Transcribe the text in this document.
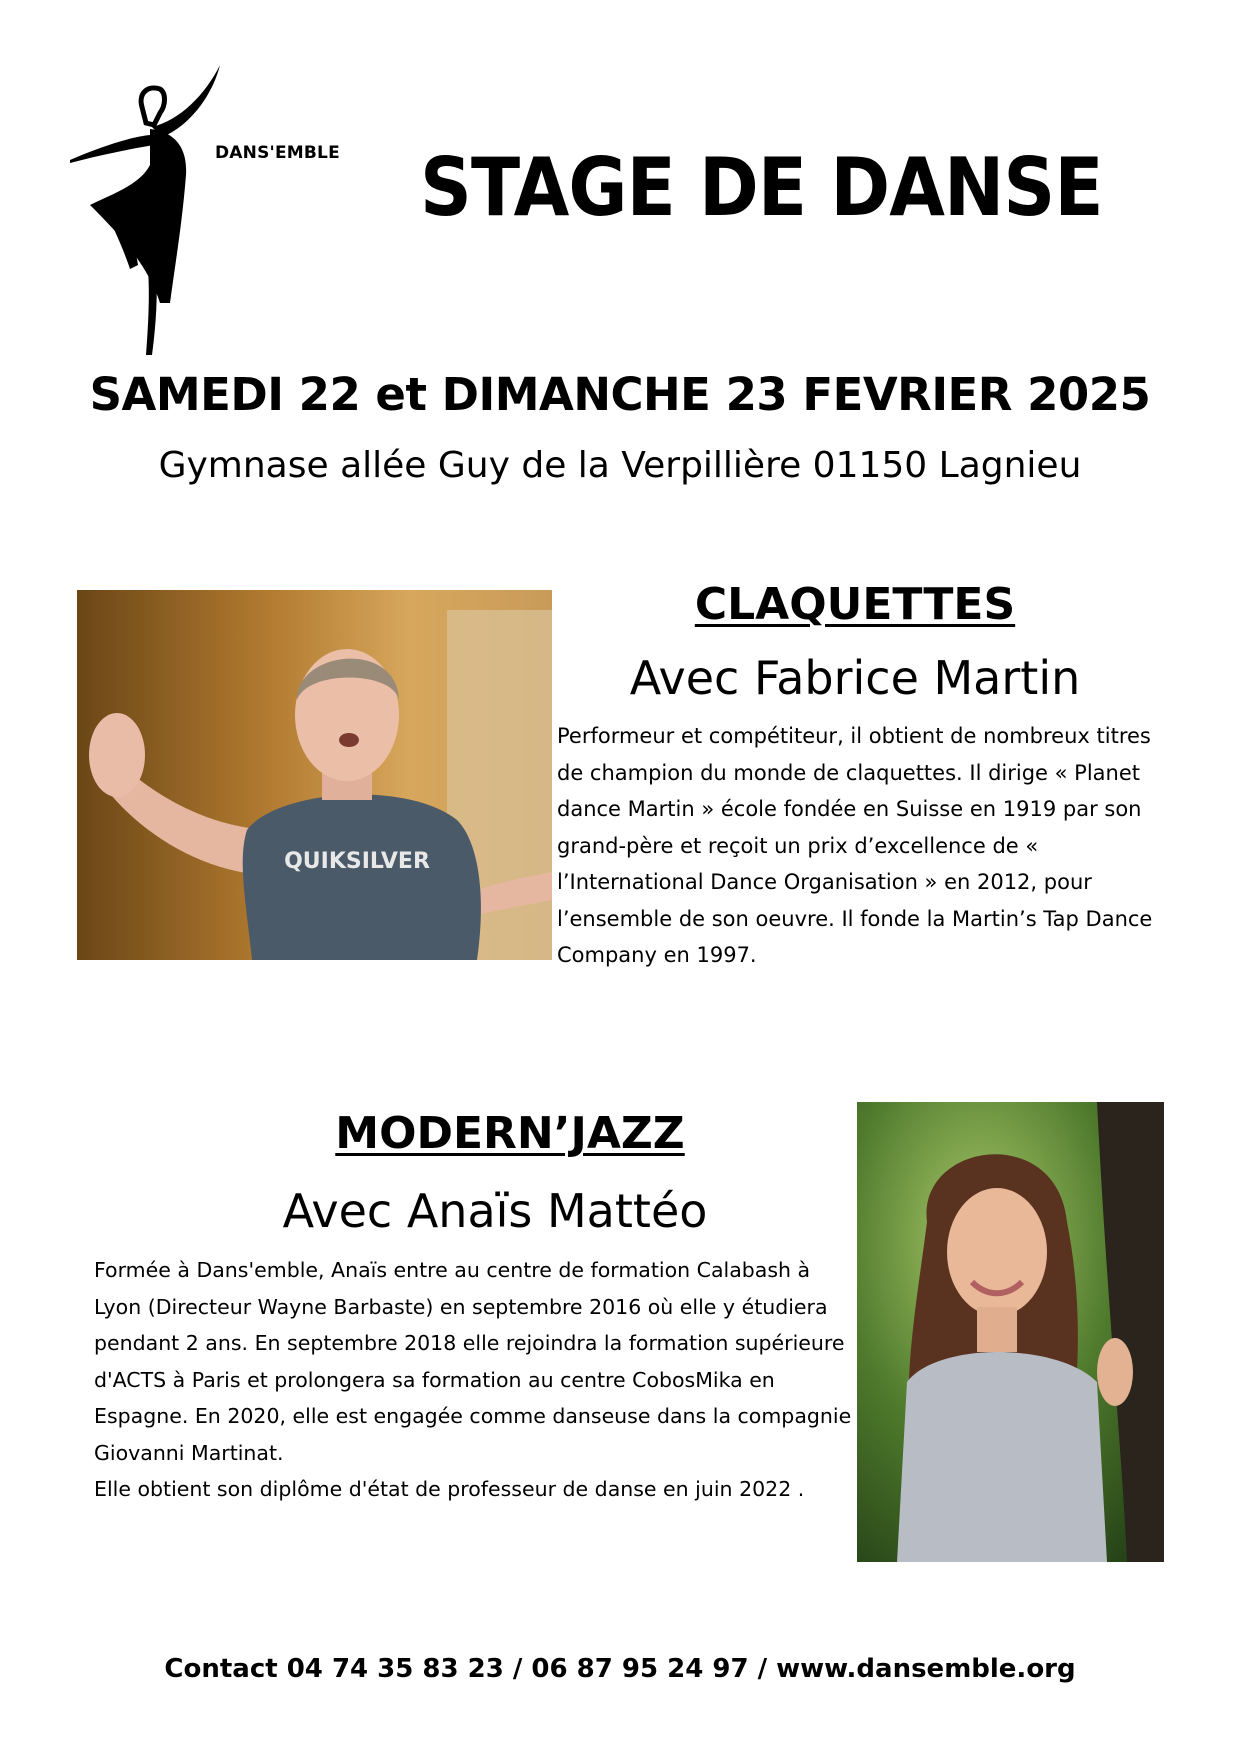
DANS'EMBLE STAGE DE DANSE
SAMEDI 22 et DIMANCHE 23 FEVRIER 2025
Gymnase allée Guy de la Verpillière 01150 Lagnieu
QUIKSILVER
CLAQUETTES
Avec Fabrice Martin
Performeur et compétiteur, il obtient de nombreux titres de champion du monde de claquettes. Il dirige « Planet dance Martin » école fondée en Suisse en 1919 par son grand-père et reçoit un prix d’excellence de « l’International Dance Organisation » en 2012, pour l’ensemble de son oeuvre. Il fonde la Martin’s Tap Dance Company en 1997.
MODERN’JAZZ
Avec Anaïs Mattéo

Formée à Dans'emble, Anaïs entre au centre de formation Calabash à Lyon (Directeur Wayne Barbaste) en septembre 2016 où elle y étudiera pendant 2 ans. En septembre 2018 elle rejoindra la formation supérieure d'ACTS à Paris et prolongera sa formation au centre CobosMika en Espagne. En 2020, elle est engagée comme danseuse dans la compagnie Giovanni Martinat.

Elle obtient son diplôme d'état de professeur de danse en juin 2022 .

Contact 04 74 35 83 23 / 06 87 95 24 97 / www.dansemble.org
